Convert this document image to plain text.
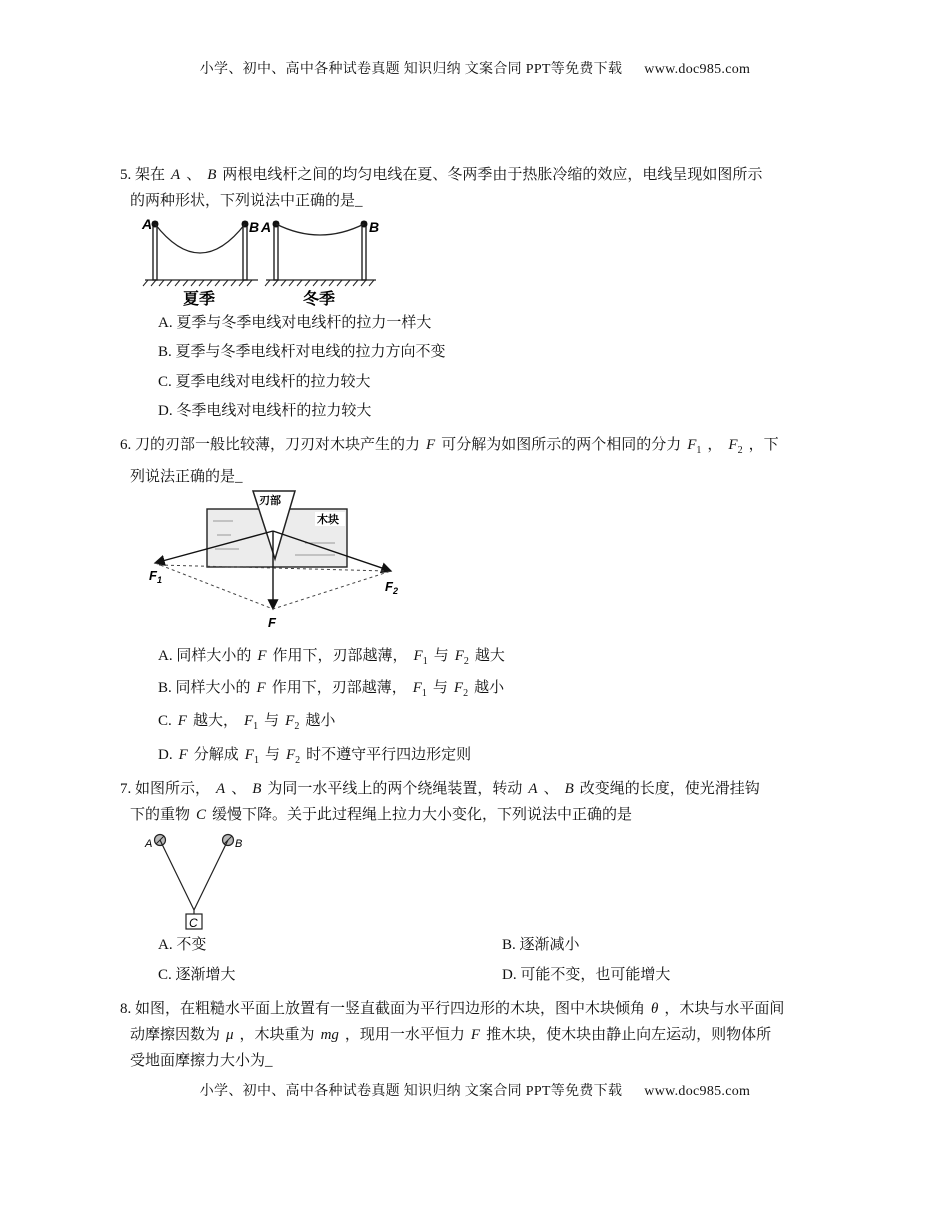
小学、初中、高中各种试卷真题 知识归纳 文案合同 PPT等免费下载 www.doc985.com
5. 架在 A 、 B 两根电线杆之间的均匀电线在夏、冬两季由于热胀冷缩的效应，电线呈现如图所示
的两种形状，下列说法中正确的是_
A	B
夏季
A	B
冬季
A. 夏季与冬季电线对电线杆的拉力一样大
B. 夏季与冬季电线杆对电线的拉力方向不变
C. 夏季电线对电线杆的拉力较大
D. 冬季电线对电线杆的拉力较大
6. 刀的刃部一般比较薄，刀刃对木块产生的力 F 可分解为如图所示的两个相同的分力 $F_1$ ， $F_2$ ，下
列说法正确的是_
刃部
木块
$F_1$	$F_2$
F
A. 同样大小的 F 作用下，刃部越薄， $F_1$ 与 $F_2$ 越大
B. 同样大小的 F 作用下，刃部越薄， $F_1$ 与 $F_2$ 越小
C. F 越大， $F_1$ 与 $F_2$ 越小
D. F 分解成 $F_1$ 与 $F_2$ 时不遵守平行四边形定则
7. 如图所示， A 、 B 为同一水平线上的两个绕绳装置，转动 A 、 B 改变绳的长度，使光滑挂钩
下的重物 C 缓慢下降。关于此过程绳上拉力大小变化，下列说法中正确的是
C
A	B
A. 不变	B. 逐渐减小
C. 逐渐增大	D. 可能不变，也可能增大
8. 如图，在粗糙水平面上放置有一竖直截面为平行四边形的木块，图中木块倾角 θ ，木块与水平面间
动摩擦因数为 μ ，木块重为 mg ，现用一水平恒力 F 推木块，使木块由静止向左运动，则物体所
受地面摩擦力大小为_
小学、初中、高中各种试卷真题 知识归纳 文案合同 PPT等免费下载 www.doc985.com
